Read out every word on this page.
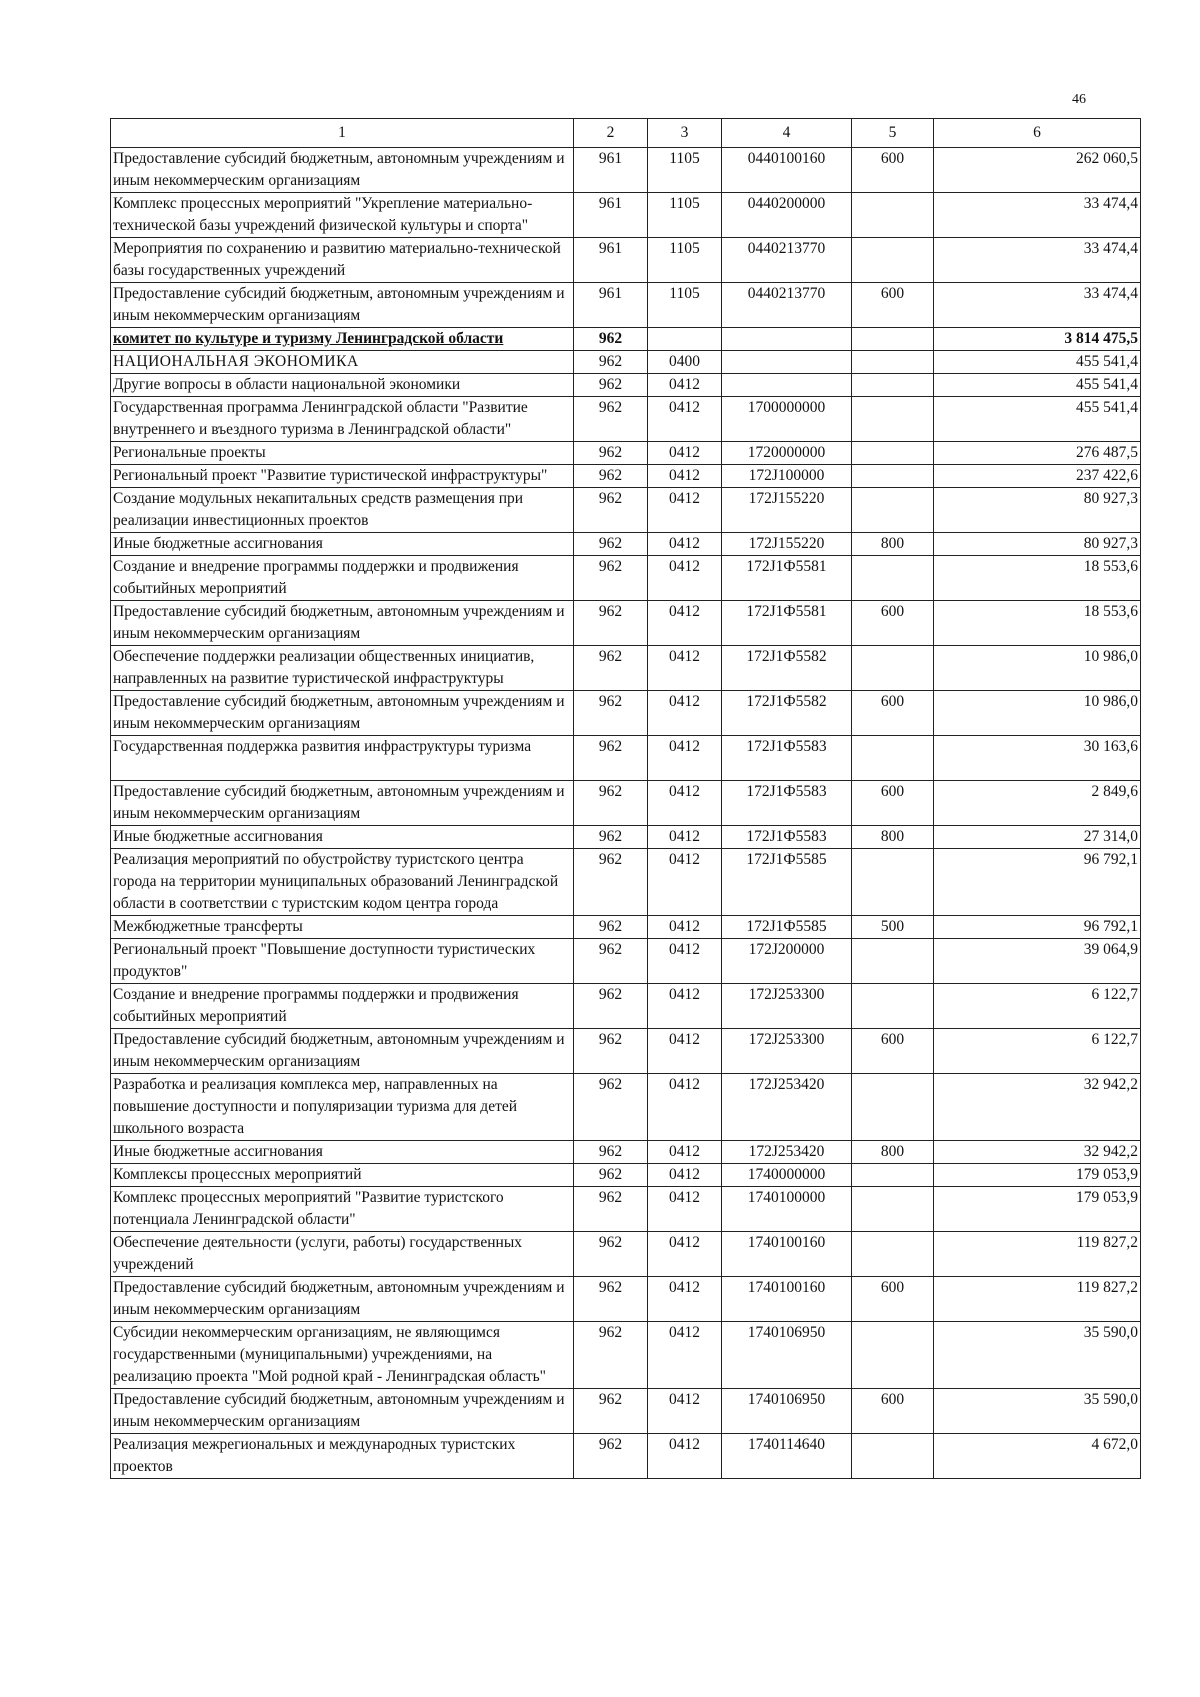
46
1	2	3	4	5	6
Предоставление субсидий бюджетным, автономным учреждениям и иным некоммерческим организациям	961	1105	0440100160	600	262 060,5
Комплекс процессных мероприятий "Укрепление материально-технической базы учреждений физической культуры и спорта"	961	1105	0440200000		33 474,4
Мероприятия по сохранению и развитию материально-технической базы государственных учреждений	961	1105	0440213770		33 474,4
Предоставление субсидий бюджетным, автономным учреждениям и иным некоммерческим организациям	961	1105	0440213770	600	33 474,4
комитет по культуре и туризму Ленинградской области	962				3 814 475,5
НАЦИОНАЛЬНАЯ ЭКОНОМИКА	962	0400			455 541,4
Другие вопросы в области национальной экономики	962	0412			455 541,4
Государственная программа Ленинградской области "Развитие внутреннего и въездного туризма в Ленинградской области"	962	0412	1700000000		455 541,4
Региональные проекты	962	0412	1720000000		276 487,5
Региональный проект "Развитие туристической инфраструктуры"	962	0412	172J100000		237 422,6
Создание модульных некапитальных средств размещения при реализации инвестиционных проектов	962	0412	172J155220		80 927,3
Иные бюджетные ассигнования	962	0412	172J155220	800	80 927,3
Создание и внедрение программы поддержки и продвижения событийных мероприятий	962	0412	172J1Ф5581		18 553,6
Предоставление субсидий бюджетным, автономным учреждениям и иным некоммерческим организациям	962	0412	172J1Ф5581	600	18 553,6
Обеспечение поддержки реализации общественных инициатив, направленных на развитие туристической инфраструктуры	962	0412	172J1Ф5582		10 986,0
Предоставление субсидий бюджетным, автономным учреждениям и иным некоммерческим организациям	962	0412	172J1Ф5582	600	10 986,0
Государственная поддержка развития инфраструктуры туризма	962	0412	172J1Ф5583		30 163,6
Предоставление субсидий бюджетным, автономным учреждениям и иным некоммерческим организациям	962	0412	172J1Ф5583	600	2 849,6
Иные бюджетные ассигнования	962	0412	172J1Ф5583	800	27 314,0
Реализация мероприятий по обустройству туристского центра города на территории муниципальных образований Ленинградской области в соответствии с туристским кодом центра города	962	0412	172J1Ф5585		96 792,1
Межбюджетные трансферты	962	0412	172J1Ф5585	500	96 792,1
Региональный проект "Повышение доступности туристических продуктов"	962	0412	172J200000		39 064,9
Создание и внедрение программы поддержки и продвижения событийных мероприятий	962	0412	172J253300		6 122,7
Предоставление субсидий бюджетным, автономным учреждениям и иным некоммерческим организациям	962	0412	172J253300	600	6 122,7
Разработка и реализация комплекса мер, направленных на повышение доступности и популяризации туризма для детей школьного возраста	962	0412	172J253420		32 942,2
Иные бюджетные ассигнования	962	0412	172J253420	800	32 942,2
Комплексы процессных мероприятий	962	0412	1740000000		179 053,9
Комплекс процессных мероприятий "Развитие туристского потенциала Ленинградской области"	962	0412	1740100000		179 053,9
Обеспечение деятельности (услуги, работы) государственных учреждений	962	0412	1740100160		119 827,2
Предоставление субсидий бюджетным, автономным учреждениям и иным некоммерческим организациям	962	0412	1740100160	600	119 827,2
Субсидии некоммерческим организациям, не являющимся государственными (муниципальными) учреждениями, на реализацию проекта "Мой родной край - Ленинградская область"	962	0412	1740106950		35 590,0
Предоставление субсидий бюджетным, автономным учреждениям и иным некоммерческим организациям	962	0412	1740106950	600	35 590,0
Реализация межрегиональных и международных туристских проектов	962	0412	1740114640		4 672,0
